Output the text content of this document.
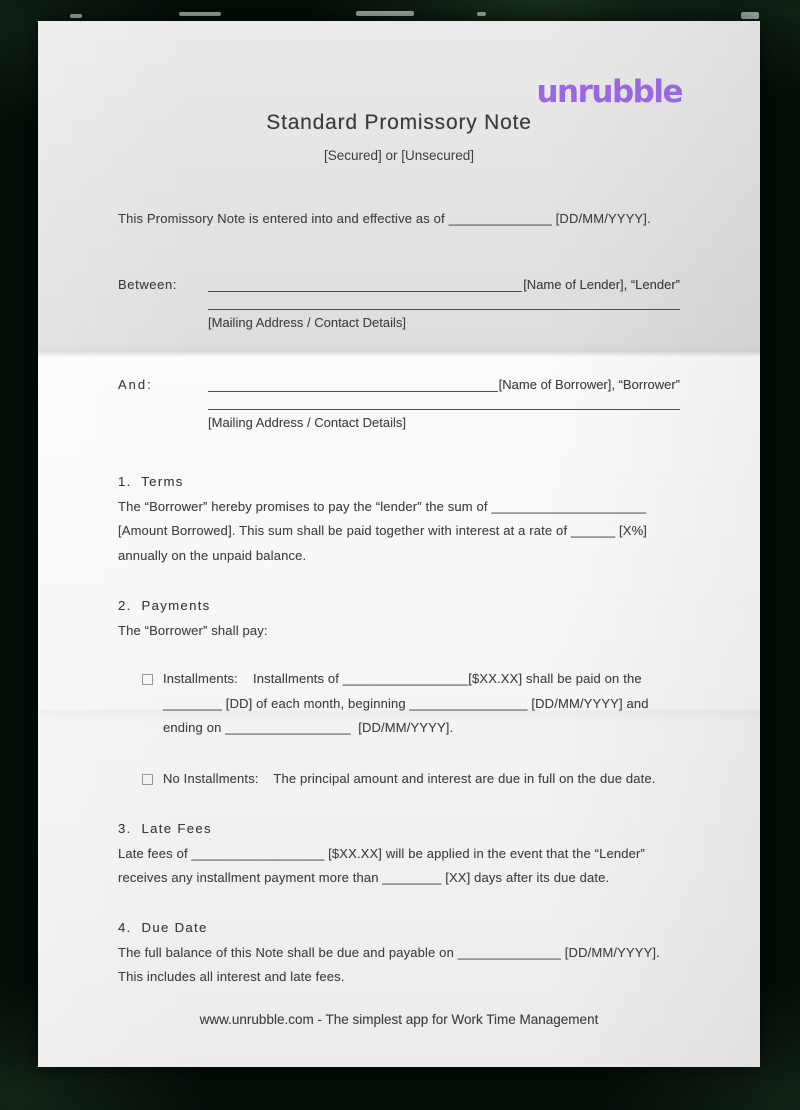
unrubble
Standard Promissory Note
[Secured] or [Unsecured]
This Promissory Note is entered into and effective as of ______________ [DD/MM/YYYY].
Between:	[Name of Lender], “Lender”
[Mailing Address / Contact Details]
And:	[Name of Borrower], “Borrower”
[Mailing Address / Contact Details]
1.  Terms
The “Borrower” hereby promises to pay the “lender” the sum of _____________________
[Amount Borrowed]. This sum shall be paid together with interest at a rate of ______ [X%]
annually on the unpaid balance.
2.  Payments
The “Borrower” shall pay:
Installments:    Installments of _________________[$XX.XX] shall be paid on the
________ [DD] of each month, beginning ________________ [DD/MM/YYYY] and
ending on _________________  [DD/MM/YYYY].
No Installments:    The principal amount and interest are due in full on the due date.
3.  Late Fees
Late fees of __________________ [$XX.XX] will be applied in the event that the “Lender”
receives any installment payment more than ________ [XX] days after its due date.
4.  Due Date
The full balance of this Note shall be due and payable on ______________ [DD/MM/YYYY].
This includes all interest and late fees.
www.unrubble.com - The simplest app for Work Time Management
